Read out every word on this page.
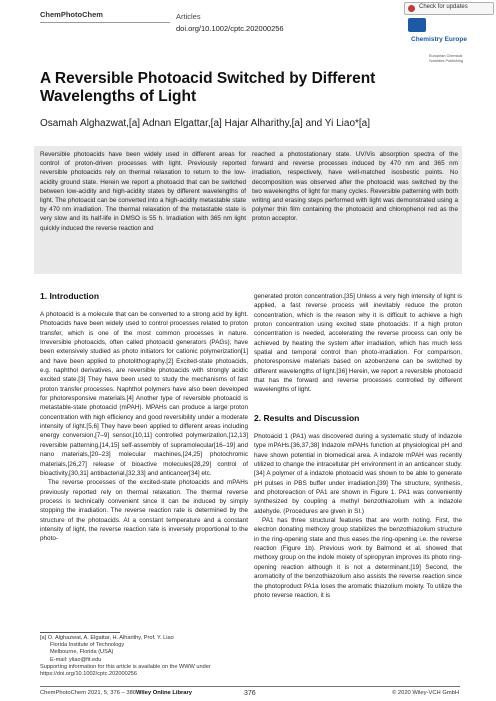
ChemPhotoChem	Articles
doi.org/10.1002/cptc.202000256
Check for updates
Chemistry Europe
European Chemical Societies Publishing
A Reversible Photoacid Switched by Different Wavelengths of Light
Osamah Alghazwat,[a] Adnan Elgattar,[a] Hajar Alharithy,[a] and Yi Liao*[a]
Reversible photoacids have been widely used in different areas for control of proton-driven processes with light. Previously reported reversible photoacids rely on thermal relaxation to return to the low-acidity ground state. Herein we report a photoacid that can be switched between low-acidity and high-acidity states by different wavelengths of light. The photoacid can be converted into a high-acidity metastable state by 470 nm irradiation. The thermal relaxation of the metastable state is very slow and its half-life in DMSO is 55 h. Irradiation with 365 nm light quickly induced the reverse reaction and
reached a photostationary state. UV/Vis absorption spectra of the forward and reverse processes induced by 470 nm and 365 nm irradiation, respectively, have well-matched isosbestic points. No decomposition was observed after the photoacid was switched by the two wavelengths of light for many cycles. Reversible patterning with both writing and erasing steps performed with light was demonstrated using a polymer thin film containing the photoacid and chlorophenol red as the proton acceptor.

1. Introduction

A photoacid is a molecule that can be converted to a strong acid by light. Photoacids have been widely used to control processes related to proton transfer, which is one of the most common processes in nature. Irreversible photoacids, often called photoacid generators (PAGs), have been extensively studied as photo initiators for cationic polymerization[1] and have been applied to photolithography.[2] Excited-state photoacids, e.g. naphthol derivatives, are reversible photoacids with strongly acidic excited state.[3] They have been used to study the mechanisms of fast proton transfer processes. Naphthol polymers have also been developed for photoresponsive materials.[4] Another type of reversible photoacid is metastable-state photoacid (mPAH). MPAHs can produce a large proton concentration with high efficiency and good reversibility under a moderate intensity of light.[5,6] They have been applied to different areas including energy conversion,[7–9] sensor,[10,11] controlled polymerization,[12,13] reversible patterning,[14,15] self-assembly of supramolecular[16–19] and nano materials,[20–23] molecular machines,[24,25] photochromic materials,[26,27] release of bioactive molecules[28,29] control of bioactivity,[30,31] antibacterial,[32,33] and anticancer[34] etc.

The reverse processes of the excited-state photoacids and mPAHs previously reported rely on thermal relaxation. The thermal reverse process is technically convenient since it can be induced by simply stopping the irradiation. The reverse reaction rate is determined by the structure of the photoacids. At a constant temperature and a constant intensity of light, the reverse reaction rate is inversely proportional to the photo-

generated proton concentration.[35] Unless a very high intensity of light is applied, a fast reverse process will inevitably reduce the proton concentration, which is the reason why it is difficult to achieve a high proton concentration using excited state photoacids. If a high proton concentration is needed, accelerating the reverse process can only be achieved by heating the system after irradiation, which has much less spatial and temporal control than photo-irradiation. For comparison, photoresponsive materials based on azobenzene can be switched by different wavelengths of light.[36] Herein, we report a reversible photoacid that has the forward and reverse processes controlled by different wavelengths of light.

2. Results and Discussion

Photoacid 1 (PA1) was discovered during a systematic study of indazole type mPAHs.[36,37,38] Indazole mPAHs function at physiological pH and have shown potential in biomedical area. A indazole mPAH was recently utilized to change the intracellular pH environment in an anticancer study.[34] A polymer of a indazole photoacid was shown to be able to generate pH pulses in PBS buffer under irradiation.[39] The structure, synthesis, and photoreaction of PA1 are shown in Figure 1. PA1 was conveniently synthesized by coupling a methyl benzothiazolium with a indazole aldehyde. (Procedures are given in SI.)

PA1 has three structural features that are worth noting. First, the electron donating methoxy group stabilizes the benzothiazolium structure in the ring-opening state and thus eases the ring-opening i.e. the reverse reaction (Figure 1b). Previous work by Balmond et al. showed that methoxy group on the indole moiety of spiropyran improves its photo ring-opening reaction although it is not a determinant.[19] Second, the aromaticity of the benzothiazolium also assists the reverse reaction since the photoproduct PA1a loses the aromatic thiazolium moiety. To utilize the photo reverse reaction, it is

[a] O. Alghazwat, A. Elgattar, H. Alharithy, Prof. Y. Liao
Florida Institute of Technology
Melbourne, Florida (USA)
E-mail: yliao@fit.edu
Supporting information for this article is available on the WWW under https://doi.org/10.1002/cptc.202000256
ChemPhotoChem 2021, 5, 376 – 380 Wiley Online Library	376	© 2020 Wiley-VCH GmbH
